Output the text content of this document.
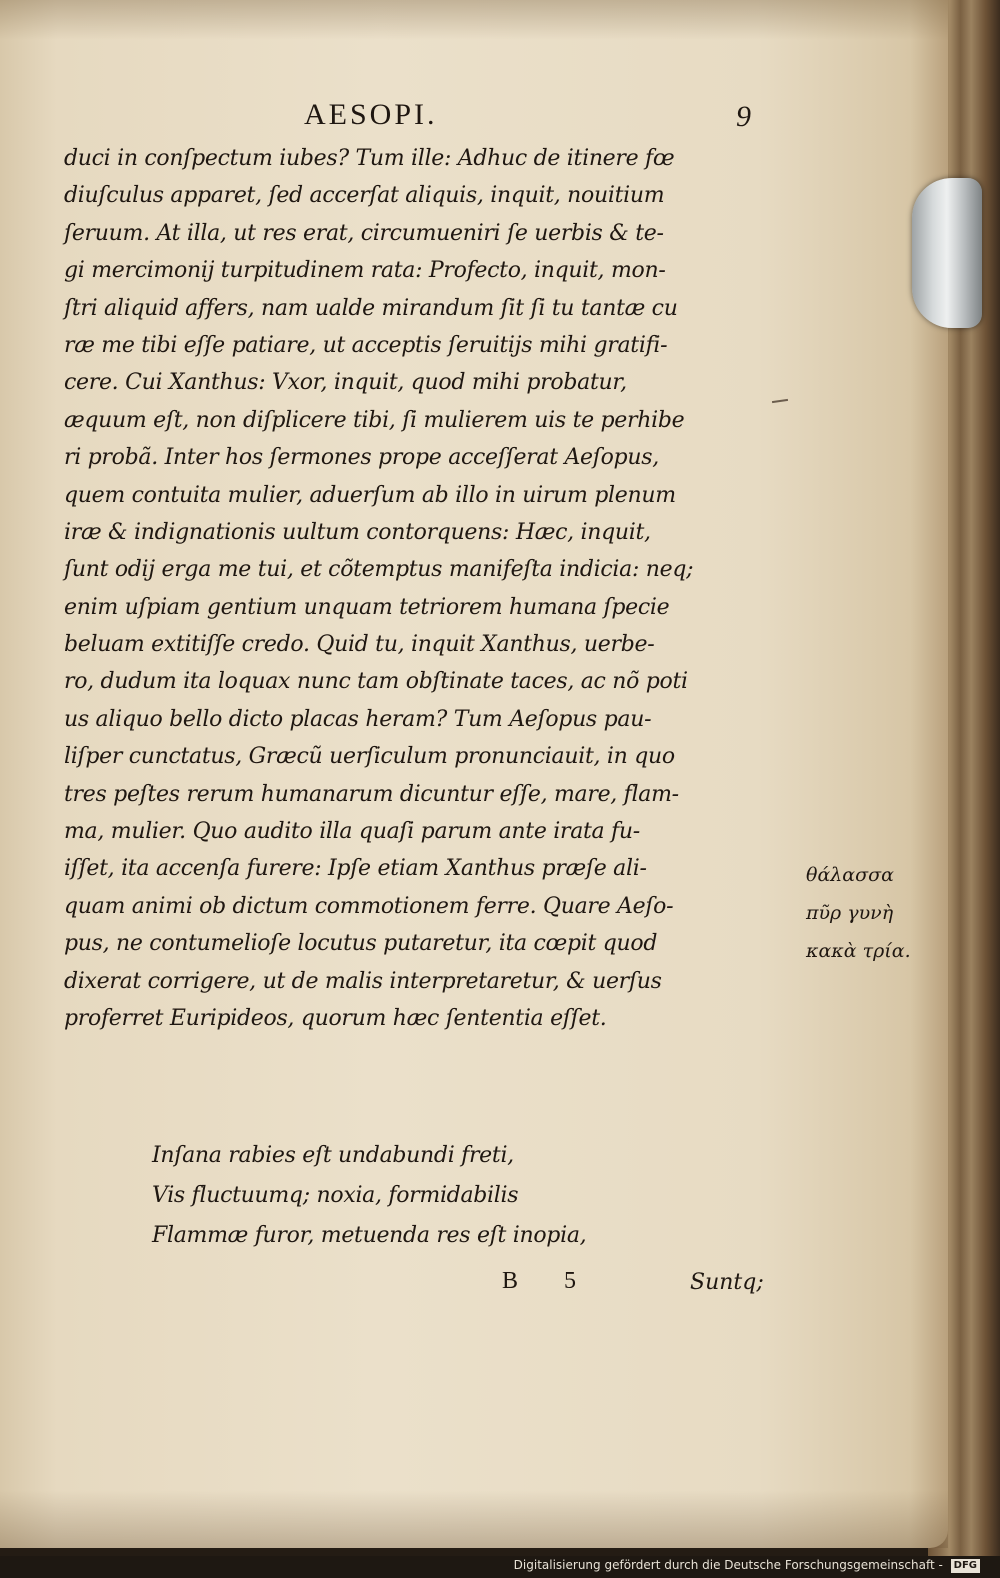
AESOPI.	9
duci in conſpectum iubes? Tum ille: Adhuc de itinere fœ
diuſculus apparet, ſed accerſat aliquis, inquit, nouitium
ſeruum. At illa, ut res erat, circumueniri ſe uerbis & te-
gi mercimonij turpitudinem rata: Profecto, inquit, mon-
ſtri aliquid affers, nam ualde mirandum ſit ſi tu tantæ cu
ræ me tibi eſſe patiare, ut acceptis ſeruitijs mihi gratifi-
cere. Cui Xanthus: Vxor, inquit, quod mihi probatur,
æquum eſt, non diſplicere tibi, ſi mulierem uis te perhibe
ri probã. Inter hos ſermones prope acceſſerat Aeſopus,
quem contuita mulier, aduerſum ab illo in uirum plenum
iræ & indignationis uultum contorquens: Hæc, inquit,
ſunt odij erga me tui, et cõtemptus manifeſta indicia: neq;
enim uſpiam gentium unquam tetriorem humana ſpecie
beluam extitiſſe credo. Quid tu, inquit Xanthus, uerbe-
ro, dudum ita loquax nunc tam obſtinate taces, ac nõ poti
us aliquo bello dicto placas heram? Tum Aeſopus pau-
liſper cunctatus, Græcũ uerſiculum pronunciauit, in quo
tres peſtes rerum humanarum dicuntur eſſe, mare, flam-
ma, mulier. Quo audito illa quaſi parum ante irata fu-
iſſet, ita accenſa furere: Ipſe etiam Xanthus præſe ali-
quam animi ob dictum commotionem ferre. Quare Aeſo-
pus, ne contumelioſe locutus putaretur, ita cœpit quod
dixerat corrigere, ut de malis interpretaretur, & uerſus
proferret Euripideos, quorum hæc ſententia eſſet.
Inſana rabies eſt undabundi freti,
Vis fluctuumq; noxia, formidabilis
Flammæ furor, metuenda res eſt inopia,
B 5	Suntq;
θάλασσα
πῦρ γυνὴ
κακὰ τρία.
Digitalisierung gefördert durch die Deutsche Forschungsgemeinschaft - DFG
